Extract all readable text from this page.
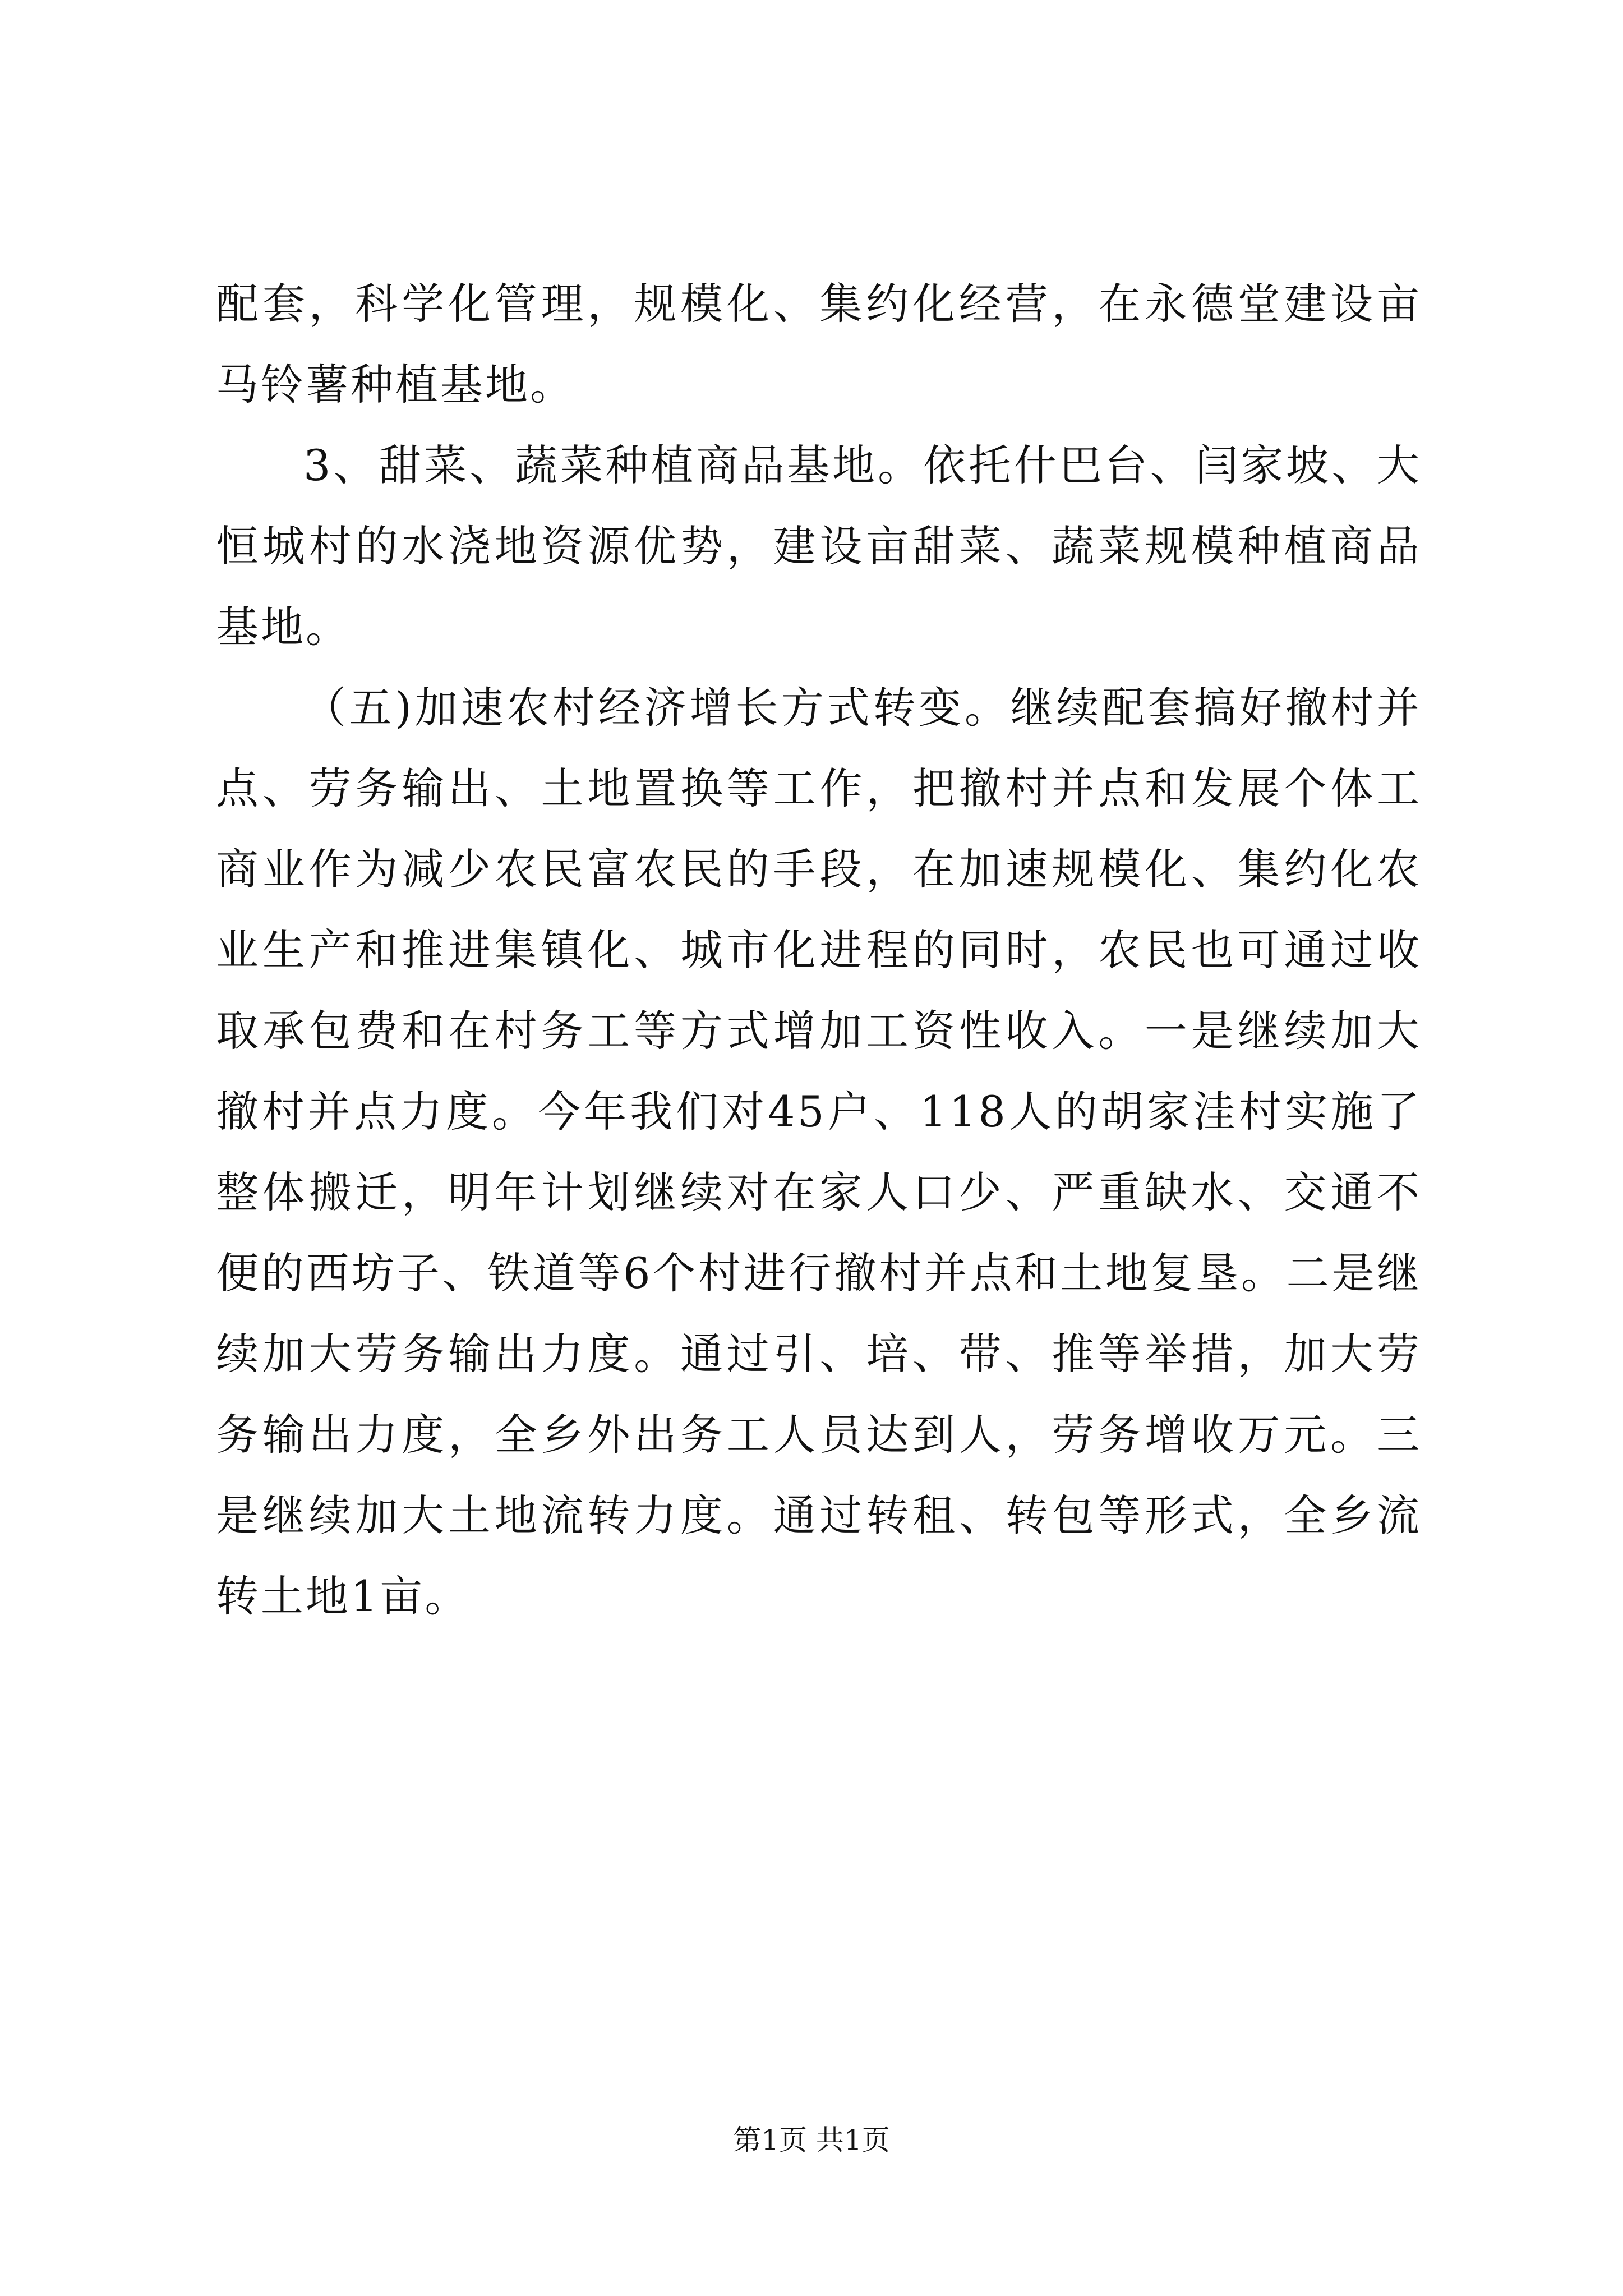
配套，科学化管理，规模化、集约化经营，在永德堂建设亩马铃薯种植基地。

3、甜菜、蔬菜种植商品基地。依托什巴台、闫家坡、大恒城村的水浇地资源优势，建设亩甜菜、蔬菜规模种植商品基地。

（五)加速农村经济增长方式转变。继续配套搞好撤村并点、劳务输出、土地置换等工作，把撤村并点和发展个体工商业作为减少农民富农民的手段，在加速规模化、集约化农业生产和推进集镇化、城市化进程的同时，农民也可通过收取承包费和在村务工等方式增加工资性收入。一是继续加大撤村并点力度。今年我们对45户、118人的胡家洼村实施了整体搬迁，明年计划继续对在家人口少、严重缺水、交通不便的西坊子、铁道等6个村进行撤村并点和土地复垦。二是继续加大劳务输出力度。通过引、培、带、推等举措，加大劳务输出力度，全乡外出务工人员达到人，劳务增收万元。三是继续加大土地流转力度。通过转租、转包等形式，全乡流转土地1亩。

第1页 共1页
